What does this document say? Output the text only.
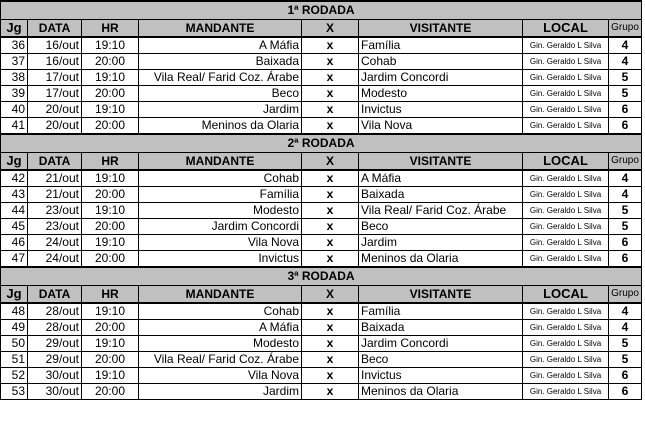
1ª RODADA							
Jg	DATA	HR	MANDANTE	X	VISITANTE	LOCAL	Grupo
36	16/out	19:10	A Máfia	x	Família	Gin. Geraldo L Silva	4
37	16/out	20:00	Baixada	x	Cohab	Gin. Geraldo L Silva	4
38	17/out	19:10	Vila Real/ Farid Coz. Árabe	x	Jardim Concordi	Gin. Geraldo L Silva	5
39	17/out	20:00	Beco	x	Modesto	Gin. Geraldo L Silva	5
40	20/out	19:10	Jardim	x	Invictus	Gin. Geraldo L Silva	6
41	20/out	20:00	Meninos da Olaria	x	Vila Nova	Gin. Geraldo L Silva	6
2ª RODADA							
Jg	DATA	HR	MANDANTE	X	VISITANTE	LOCAL	Grupo
42	21/out	19:10	Cohab	x	A Máfia	Gin. Geraldo L Silva	4
43	21/out	20:00	Família	x	Baixada	Gin. Geraldo L Silva	4
44	23/out	19:10	Modesto	x	Vila Real/ Farid Coz. Árabe	Gin. Geraldo L Silva	5
45	23/out	20:00	Jardim Concordi	x	Beco	Gin. Geraldo L Silva	5
46	24/out	19:10	Vila Nova	x	Jardim	Gin. Geraldo L Silva	6
47	24/out	20:00	Invictus	x	Meninos da Olaria	Gin. Geraldo L Silva	6
3ª RODADA							
Jg	DATA	HR	MANDANTE	X	VISITANTE	LOCAL	Grupo
48	28/out	19:10	Cohab	x	Família	Gin. Geraldo L Silva	4
49	28/out	20:00	A Máfia	x	Baixada	Gin. Geraldo L Silva	4
50	29/out	19:10	Modesto	x	Jardim Concordi	Gin. Geraldo L Silva	5
51	29/out	20:00	Vila Real/ Farid Coz. Árabe	x	Beco	Gin. Geraldo L Silva	5
52	30/out	19:10	Vila Nova	x	Invictus	Gin. Geraldo L Silva	6
53	30/out	20:00	Jardim	x	Meninos da Olaria	Gin. Geraldo L Silva	6
